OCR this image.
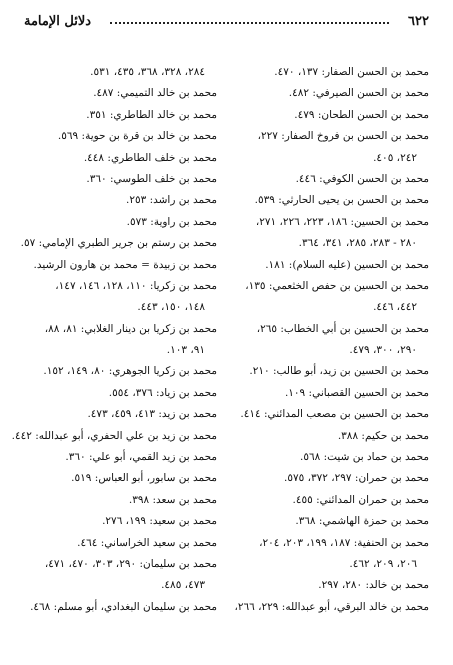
٦٢٢
دلائل الإمامة
محمد بن الحسن الصفار: ١٣٧، ٤٧٠.
محمد بن الحسن الصيرفي: ٤٨٢.
محمد بن الحسن الطحان: ٤٧٩.
محمد بن الحسن بن فروخ الصفار: ٢٢٧،
٢٤٢، ٤٠٥.
محمد بن الحسن الكوفي: ٤٤٦.
محمد بن الحسن بن يحيى الحارثي: ٥٣٩.
محمد بن الحسين: ١٨٦، ٢٢٣، ٢٢٦، ٢٧١،
٢٨٠ - ٢٨٣، ٢٨٥، ٣٤١، ٣٦٤.
محمد بن الحسين (عليه السلام): ١٨١.
محمد بن الحسين بن حفص الخثعمي: ١٣٥،
٤٤٢، ٤٤٦.
محمد بن الحسين بن أبي الخطاب: ٢٦٥،
٢٩٠، ٣٠٠، ٤٧٩.
محمد بن الحسين بن زيد، أبو طالب: ٢١٠.
محمد بن الحسين القصباني: ١٠٩.
محمد بن الحسين بن مصعب المدائني: ٤١٤.
محمد بن حكيم: ٣٨٨.
محمد بن حماد بن شيت: ٥٦٨.
محمد بن حمران: ٢٩٧، ٣٧٢، ٥٧٥.
محمد بن حمران المدائني: ٤٥٥.
محمد بن حمزة الهاشمي: ٣٦٨.
محمد بن الحنفية: ١٨٧، ١٩٩، ٢٠٣، ٢٠٤،
٢٠٦، ٢٠٩، ٤٦٢.
محمد بن خالد: ٢٨٠، ٢٩٧.
محمد بن خالد البرقي، أبو عبدالله: ٢٢٩، ٢٦٦،
٢٨٤، ٣٢٨، ٣٦٨، ٤٣٥، ٥٣١.
محمد بن خالد التميمي: ٤٨٧.
محمد بن خالد الطاطري: ٣٥١.
محمد بن خالد بن قرة بن حوية: ٥٦٩.
محمد بن خلف الطاطري: ٤٤٨.
محمد بن خلف الطوسي: ٣٦٠.
محمد بن راشد: ٢٥٣.
محمد بن راوية: ٥٧٣.
محمد بن رستم بن جرير الطبري الإمامي: ٥٧.
محمد بن زبيدة = محمد بن هارون الرشيد.
محمد بن زكريا: ١١٠، ١٢٨، ١٤٦، ١٤٧،
١٤٨، ١٥٠، ٤٤٣.
محمد بن زكريا بن دينار الغلابي: ٨١، ٨٨،
٩١، ١٠٣.
محمد بن زكريا الجوهري: ٨٠، ١٤٩، ١٥٢.
محمد بن زياد: ٣٧٦، ٥٥٤.
محمد بن زيد: ٤١٣، ٤٥٩، ٤٧٣.
محمد بن زيد بن علي الحفري، أبو عبدالله: ٤٤٢.
محمد بن زيد القمي، أبو علي: ٣٦٠.
محمد بن سابور، أبو العباس: ٥١٩.
محمد بن سعد: ٣٩٨.
محمد بن سعيد: ١٩٩، ٢٧٦.
محمد بن سعيد الخراساني: ٤٦٤.
محمد بن سليمان: ٢٩٠، ٣٠٣، ٤٧٠، ٤٧١،
٤٧٣، ٤٨٥.
محمد بن سليمان البغدادي، أبو مسلم: ٤٦٨.
